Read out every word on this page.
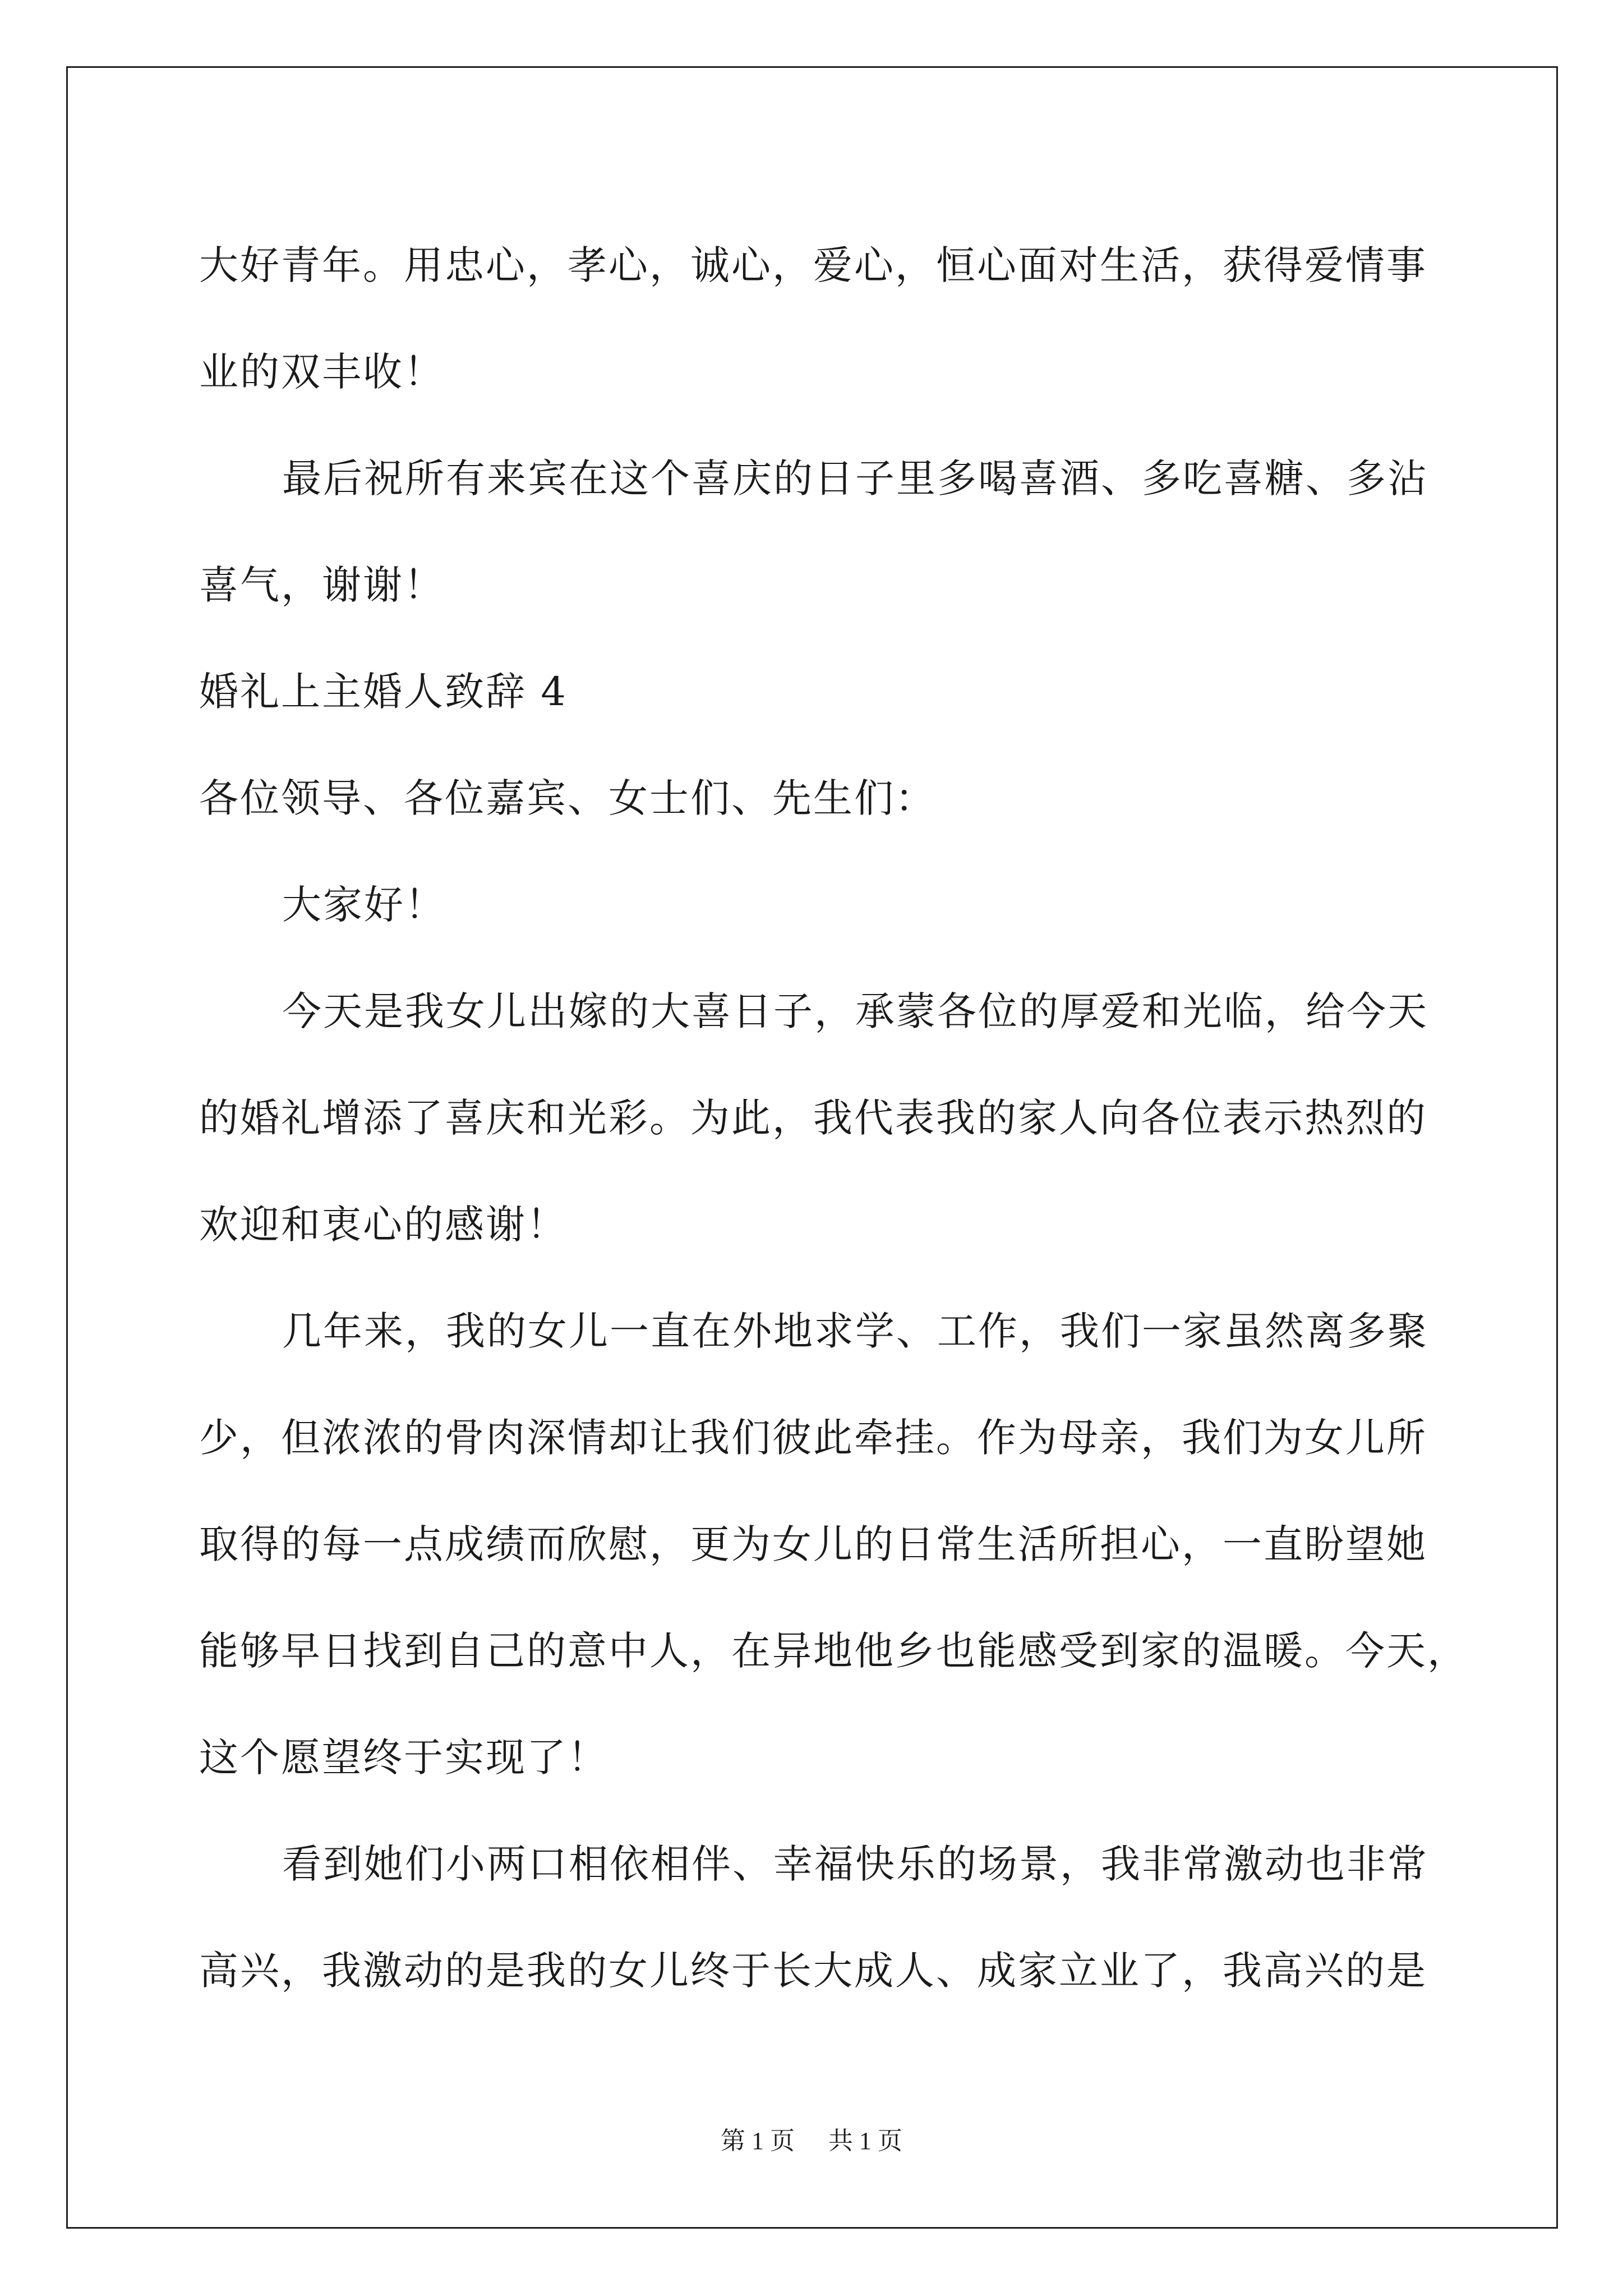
大好青年。用忠心，孝心，诚心，爱心，恒心面对生活，获得爱情事
业的双丰收！
最后祝所有来宾在这个喜庆的日子里多喝喜酒、多吃喜糖、多沾
喜气，谢谢！
婚礼上主婚人致辞 4
各位领导、各位嘉宾、女士们、先生们：
大家好！
今天是我女儿出嫁的大喜日子，承蒙各位的厚爱和光临，给今天
的婚礼增添了喜庆和光彩。为此，我代表我的家人向各位表示热烈的
欢迎和衷心的感谢！
几年来，我的女儿一直在外地求学、工作，我们一家虽然离多聚
少，但浓浓的骨肉深情却让我们彼此牵挂。作为母亲，我们为女儿所
取得的每一点成绩而欣慰，更为女儿的日常生活所担心，一直盼望她
能够早日找到自己的意中人，在异地他乡也能感受到家的温暖。今天，
这个愿望终于实现了！
看到她们小两口相依相伴、幸福快乐的场景，我非常激动也非常
高兴，我激动的是我的女儿终于长大成人、成家立业了，我高兴的是
第 1 页 共 1 页
